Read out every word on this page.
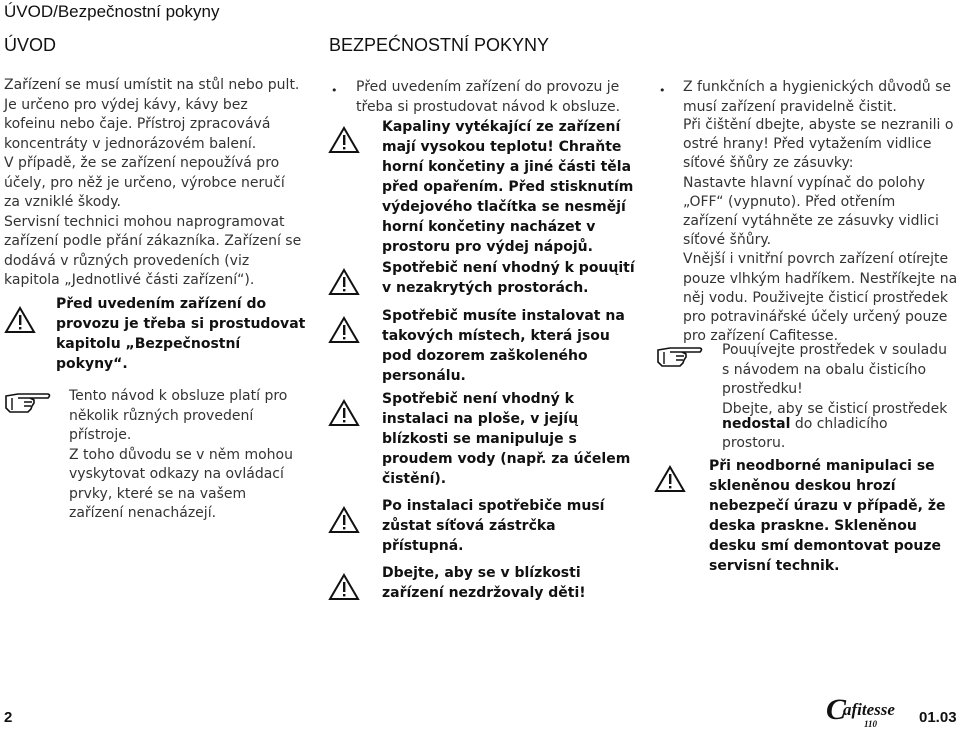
ÚVOD/Bezpečnostní pokyny
ÚVOD
Zařízení se musí umístit na stůl nebo pult.
Je určeno pro výdej kávy, kávy bez
kofeinu nebo čaje. Přístroj zpracovává
koncentráty v jednorázovém balení.
V případě, že se zařízení nepoužívá pro
účely, pro něž je určeno, výrobce neručí
za vzniklé škody.
Servisní technici mohou naprogramovat
zařízení podle přání zákazníka. Zařízení se
dodává v různých provedeních (viz
kapitola „Jednotlivé části zařízení“).
Před uvedením zařízení do
provozu je třeba si prostudovat
kapitolu „Bezpečnostní
pokyny“.
Tento návod k obsluze platí pro
několik různých provedení
přístroje.
Z toho důvodu se v něm mohou
vyskytovat odkazy na ovládací
prvky, které se na vašem
zařízení nenacházejí.
BEZPEĆNOSTNÍ POKYNY
• Před uvedením zařízení do provozu je
třeba si prostudovat návod k obsluze.
Kapaliny vytékající ze zařízení
mají vysokou teplotu! Chraňte
horní končetiny a jiné části těla
před opařením. Před stisknutím
výdejového tlačítka se nesmějí
horní končetiny nacházet v
prostoru pro výdej nápojů.
Spotřebič není vhodný k pouųití
v nezakrytých prostorách.
Spotřebič musíte instalovat na
takových místech, která jsou
pod dozorem zaškoleného
personálu.
Spotřebič není vhodný k
instalaci na ploše, v jejíų
blízkosti se manipuluje s
proudem vody (např. za účelem
čistění).
Po instalaci spotřebiče musí
zůstat síťová zástrčka
přístupná.
Dbejte, aby se v blízkosti
zařízení nezdržovaly děti!
• Z funkčních a hygienických důvodů se
musí zařízení pravidelně čistit.
Při čištění dbejte, abyste se nezranili o
ostré hrany! Před vytažením vidlice
síťové šňůry ze zásuvky:
Nastavte hlavní vypínač do polohy
„OFF“ (vypnuto). Před otřením
zařízení vytáhněte ze zásuvky vidlici
síťové šňůry.
Vnější i vnitřní povrch zařízení otírejte
pouze vlhkým hadříkem. Nestříkejte na
něj vodu. Použivejte čisticí prostředek
pro potravinářské účely určený pouze
pro zařízení Cafitesse.
Pouųívejte prostředek v souladu
s návodem na obalu čisticího
prostředku!
Dbejte, aby se čisticí prostředek
nedostal do chladicího
prostoru.
Při neodborné manipulaci se
skleněnou deskou hrozí
nebezpečí úrazu v případě, že
deska praskne. Skleněnou
desku smí demontovat pouze
servisní technik.
2	C
afitesse
110	01.03
